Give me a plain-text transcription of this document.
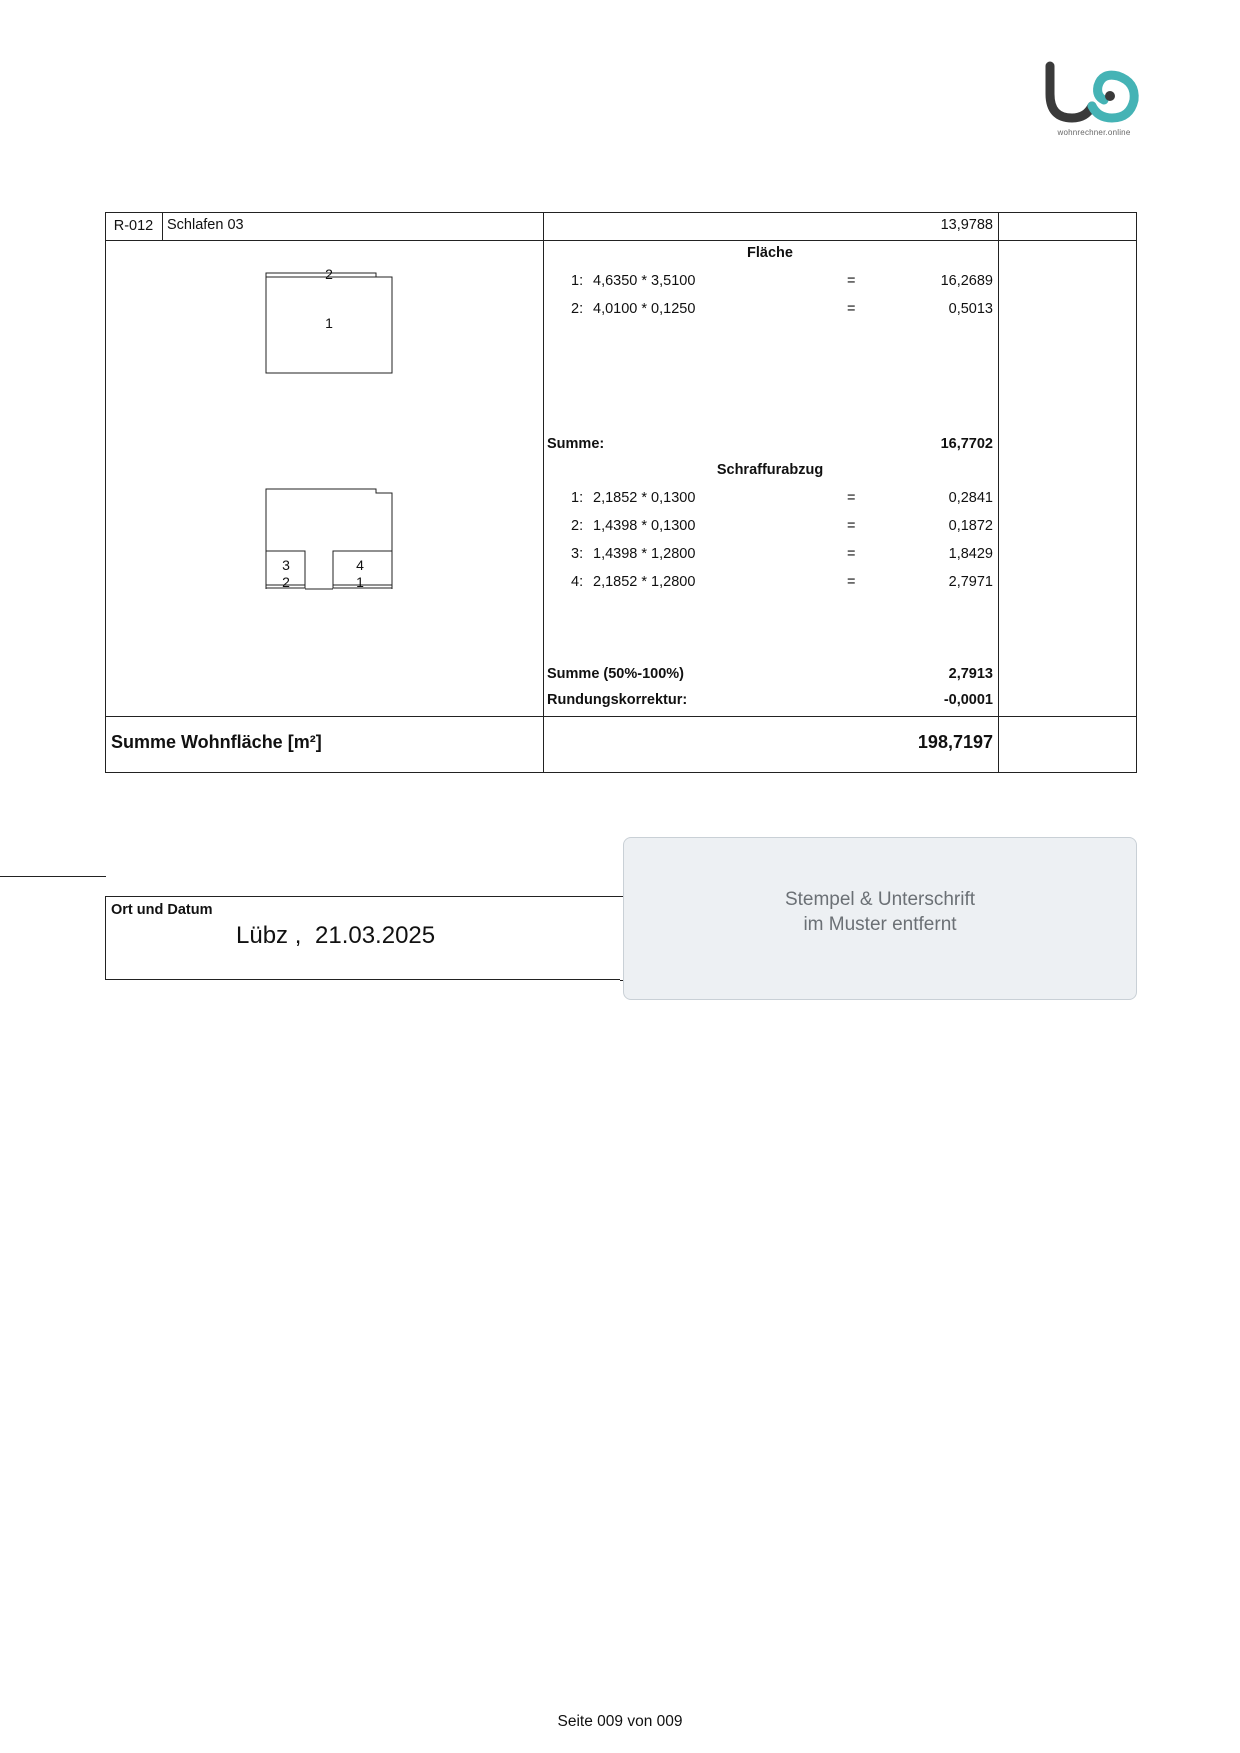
wohnrechner.online
R-012 Schlafen 03	13,9788
2
1
Fläche
1: 4,6350 * 3,5100	=	16,2689
2: 4,0100 * 0,1250	=	0,5013
Summe:	16,7702
3	4
2	1
Schraffurabzug
1: 2,1852 * 0,1300	=	0,2841
2: 1,4398 * 0,1300	=	0,1872
3: 1,4398 * 1,2800	=	1,8429
4: 2,1852 * 1,2800	=	2,7971
Summe (50%-100%)	2,7913
Rundungskorrektur:	-0,0001
Summe Wohnfläche [m²]	198,7197
Ort und Datum
Lübz , 21.03.2025
Stempel & Unterschrift
im Muster entfernt
Seite 009 von 009
